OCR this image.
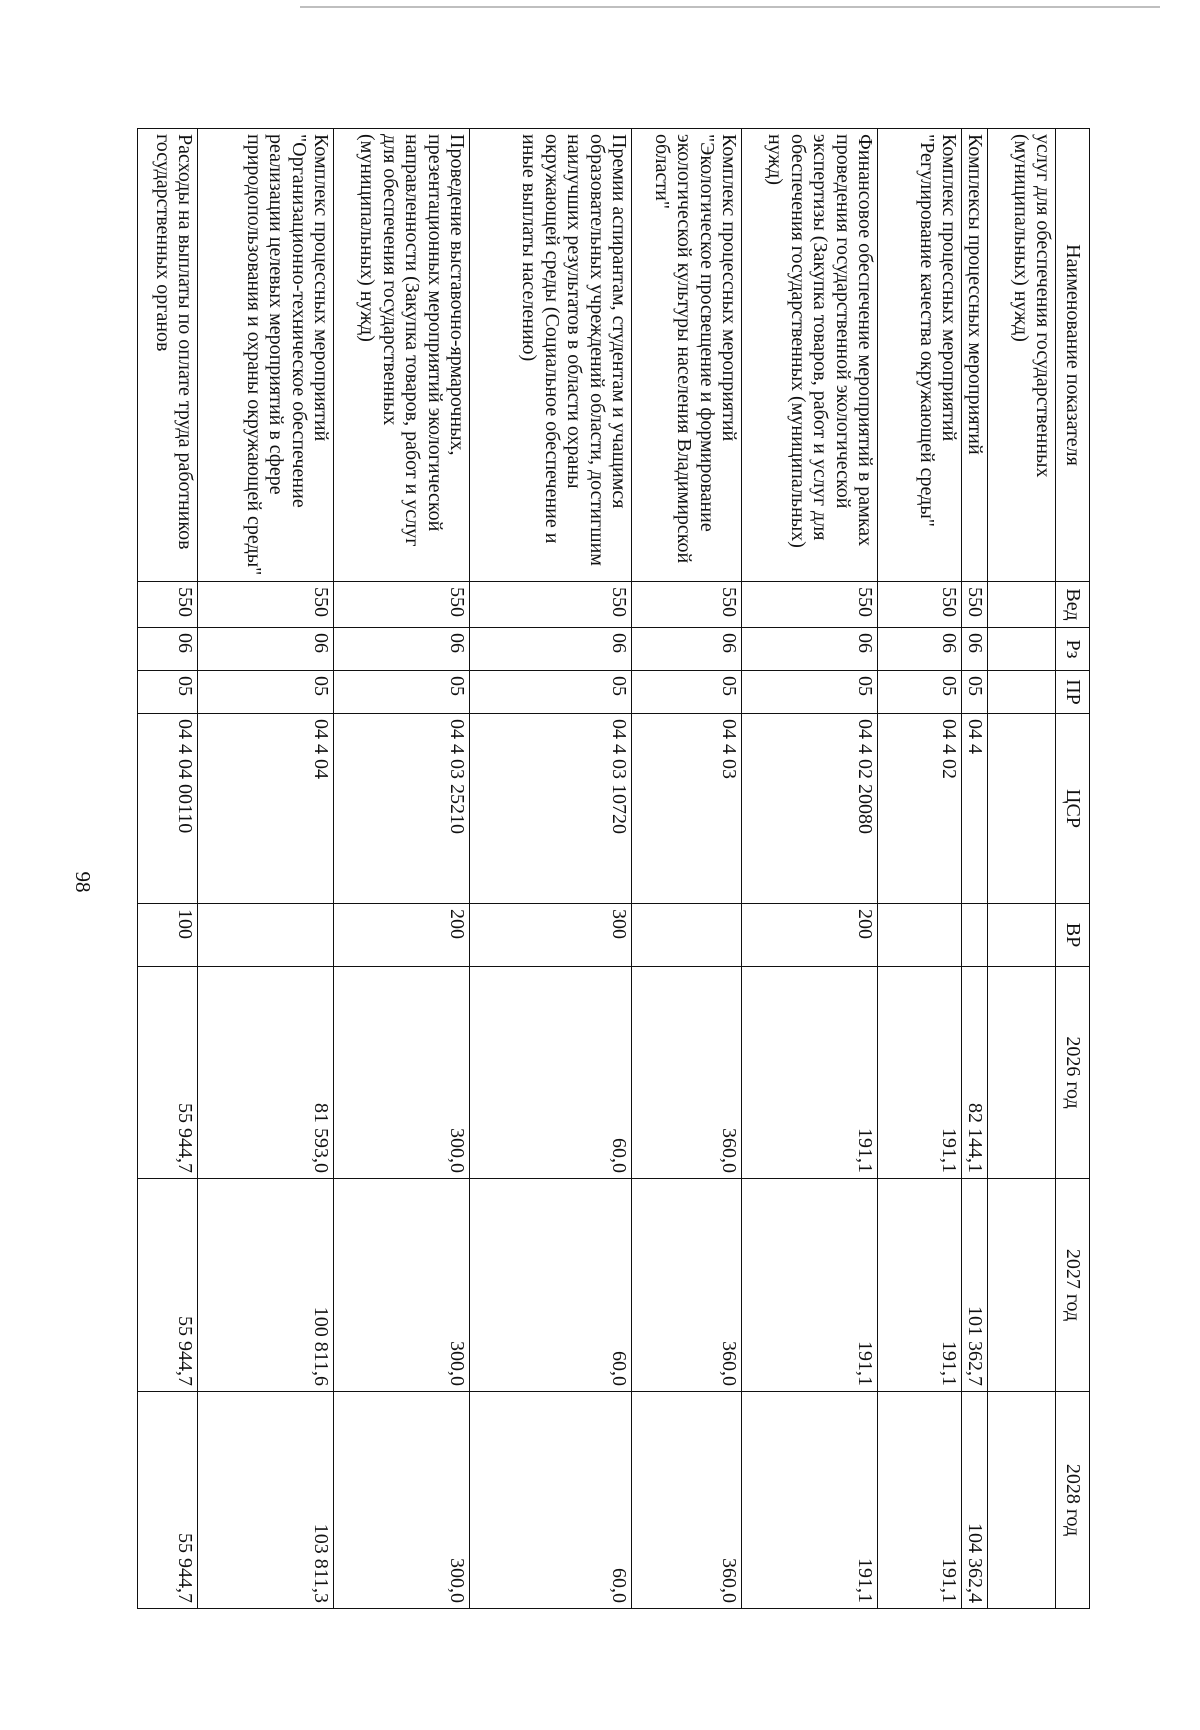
98
Наименование показателя	Вед	Рз	ПР	ЦСР	ВР	2026 год	2027 год	2028 год
услуг для обеспечения государственных (муниципальных) нужд)								
Комплексы процессных мероприятий	550	06	05	04 4		82 144,1	101 362,7	104 362,4
Комплекс процессных мероприятий "Регулирование качества окружающей среды"	550	06	05	04 4 02		191,1	191,1	191,1
Финансовое обеспечение мероприятий в рамках проведения государственной экологической экспертизы (Закупка товаров, работ и услуг для обеспечения государственных (муниципальных) нужд)	550	06	05	04 4 02 20080	200	191,1	191,1	191,1
Комплекс процессных мероприятий "Экологическое просвещение и формирование экологической культуры населения Владимирской области"	550	06	05	04 4 03		360,0	360,0	360,0
Премии аспирантам, студентам и учащимся образовательных учреждений области, достигшим наилучших результатов в области охраны окружающей среды (Социальное обеспечение и иные выплаты населению)	550	06	05	04 4 03 10720	300	60,0	60,0	60,0
Проведение выставочно-ярмарочных, презентационных мероприятий экологической направленности (Закупка товаров, работ и услуг для обеспечения государственных (муниципальных) нужд)	550	06	05	04 4 03 25210	200	300,0	300,0	300,0
Комплекс процессных мероприятий "Организационно-техническое обеспечение реализации целевых мероприятий в сфере природопользования и охраны окружающей среды"	550	06	05	04 4 04		81 593,0	100 811,6	103 811,3
Расходы на выплаты по оплате труда работников государственных органов	550	06	05	04 4 04 00110	100	55 944,7	55 944,7	55 944,7
